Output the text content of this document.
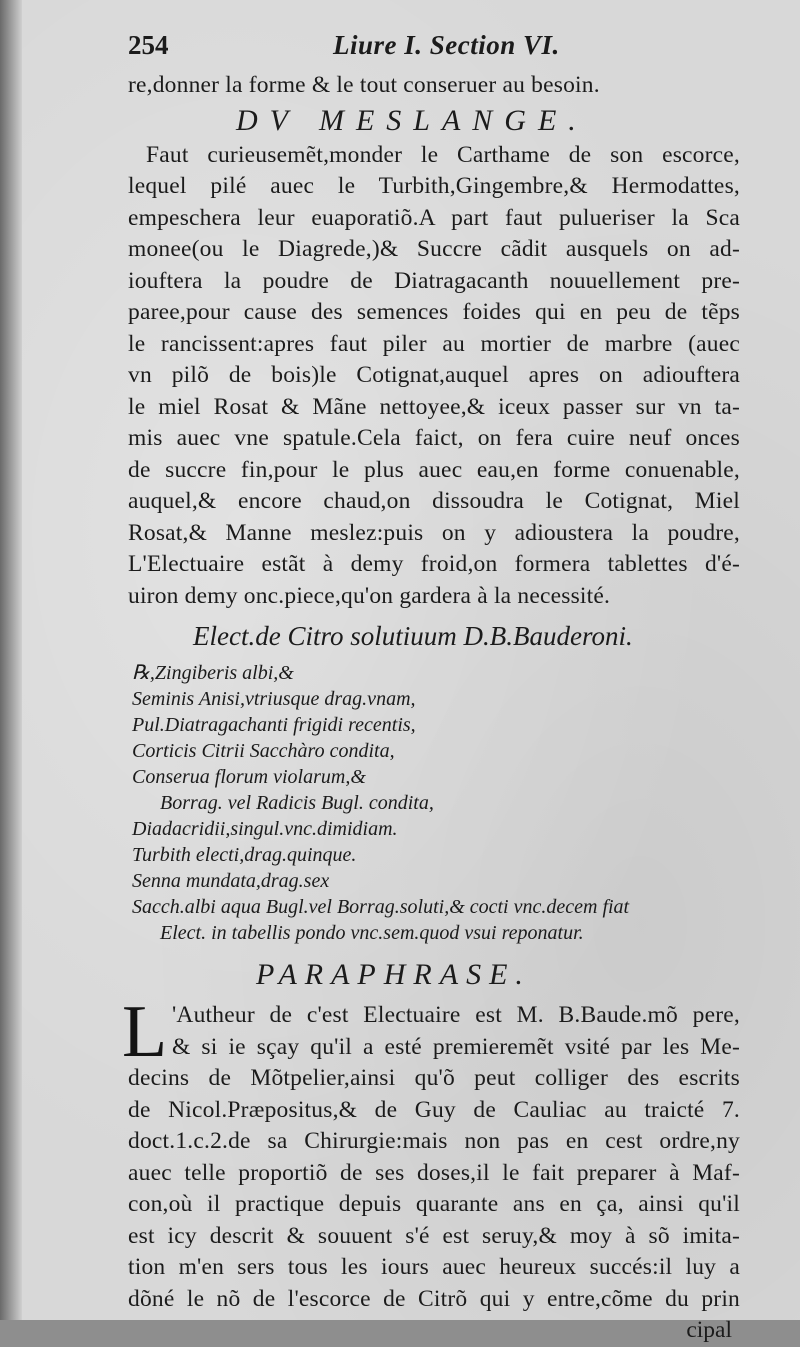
254	Liure I. Section VI.
re,donner la forme & le tout conseruer au besoin.
DV MESLANGE.
Faut curieusemẽt,monder le Carthame de son escorce,
lequel pilé auec le Turbith,Gingembre,& Hermodattes,
empeschera leur euaporatiõ.A part faut pulueriser la Sca
monee(ou le Diagrede,)& Succre cãdit ausquels on ad-
iouftera la poudre de Diatragacanth nouuellement pre-
paree,pour cause des semences foides qui en peu de tẽps
le rancissent:apres faut piler au mortier de marbre (auec
vn pilõ de bois)le Cotignat,auquel apres on adiouftera
le miel Rosat & Mãne nettoyee,& iceux passer sur vn ta-
mis auec vne spatule.Cela faict, on fera cuire neuf onces
de succre fin,pour le plus auec eau,en forme conuenable,
auquel,& encore chaud,on dissoudra le Cotignat, Miel
Rosat,& Manne meslez:puis on y adioustera la poudre,
L'Electuaire estãt à demy froid,on formera tablettes d'é-
uiron demy onc.piece,qu'on gardera à la necessité.
Elect.de Citro solutiuum D.B.Bauderoni.
℞,Zingiberis albi,&
Seminis Anisi,vtriusque drag.vnam,
Pul.Diatragachanti frigidi recentis,
Corticis Citrii Sacchàro condita,
Conserua florum violarum,&
Borrag. vel Radicis Bugl. condita,
Diadacridii,singul.vnc.dimidiam.
Turbith electi,drag.quinque.
Senna mundata,drag.sex
Sacch.albi aqua Bugl.vel Borrag.soluti,& cocti vnc.decem fiat
Elect. in tabellis pondo vnc.sem.quod vsui reponatur.
PARAPHRASE.
L 'Autheur de c'est Electuaire est M. B.Baude.mõ pere,
& si ie sçay qu'il a esté premieremẽt vsité par les Me-
decins de Mõtpelier,ainsi qu'õ peut colliger des escrits
de Nicol.Præpositus,& de Guy de Cauliac au traicté 7.
doct.1.c.2.de sa Chirurgie:mais non pas en cest ordre,ny
auec telle proportiõ de ses doses,il le fait preparer à Maf-
con,où il practique depuis quarante ans en ça, ainsi qu'il
est icy descrit & souuent s'é est seruy,& moy à sõ imita-
tion m'en sers tous les iours auec heureux succés:il luy a
dõné le nõ de l'escorce de Citrõ qui y entre,cõme du prin
cipal
